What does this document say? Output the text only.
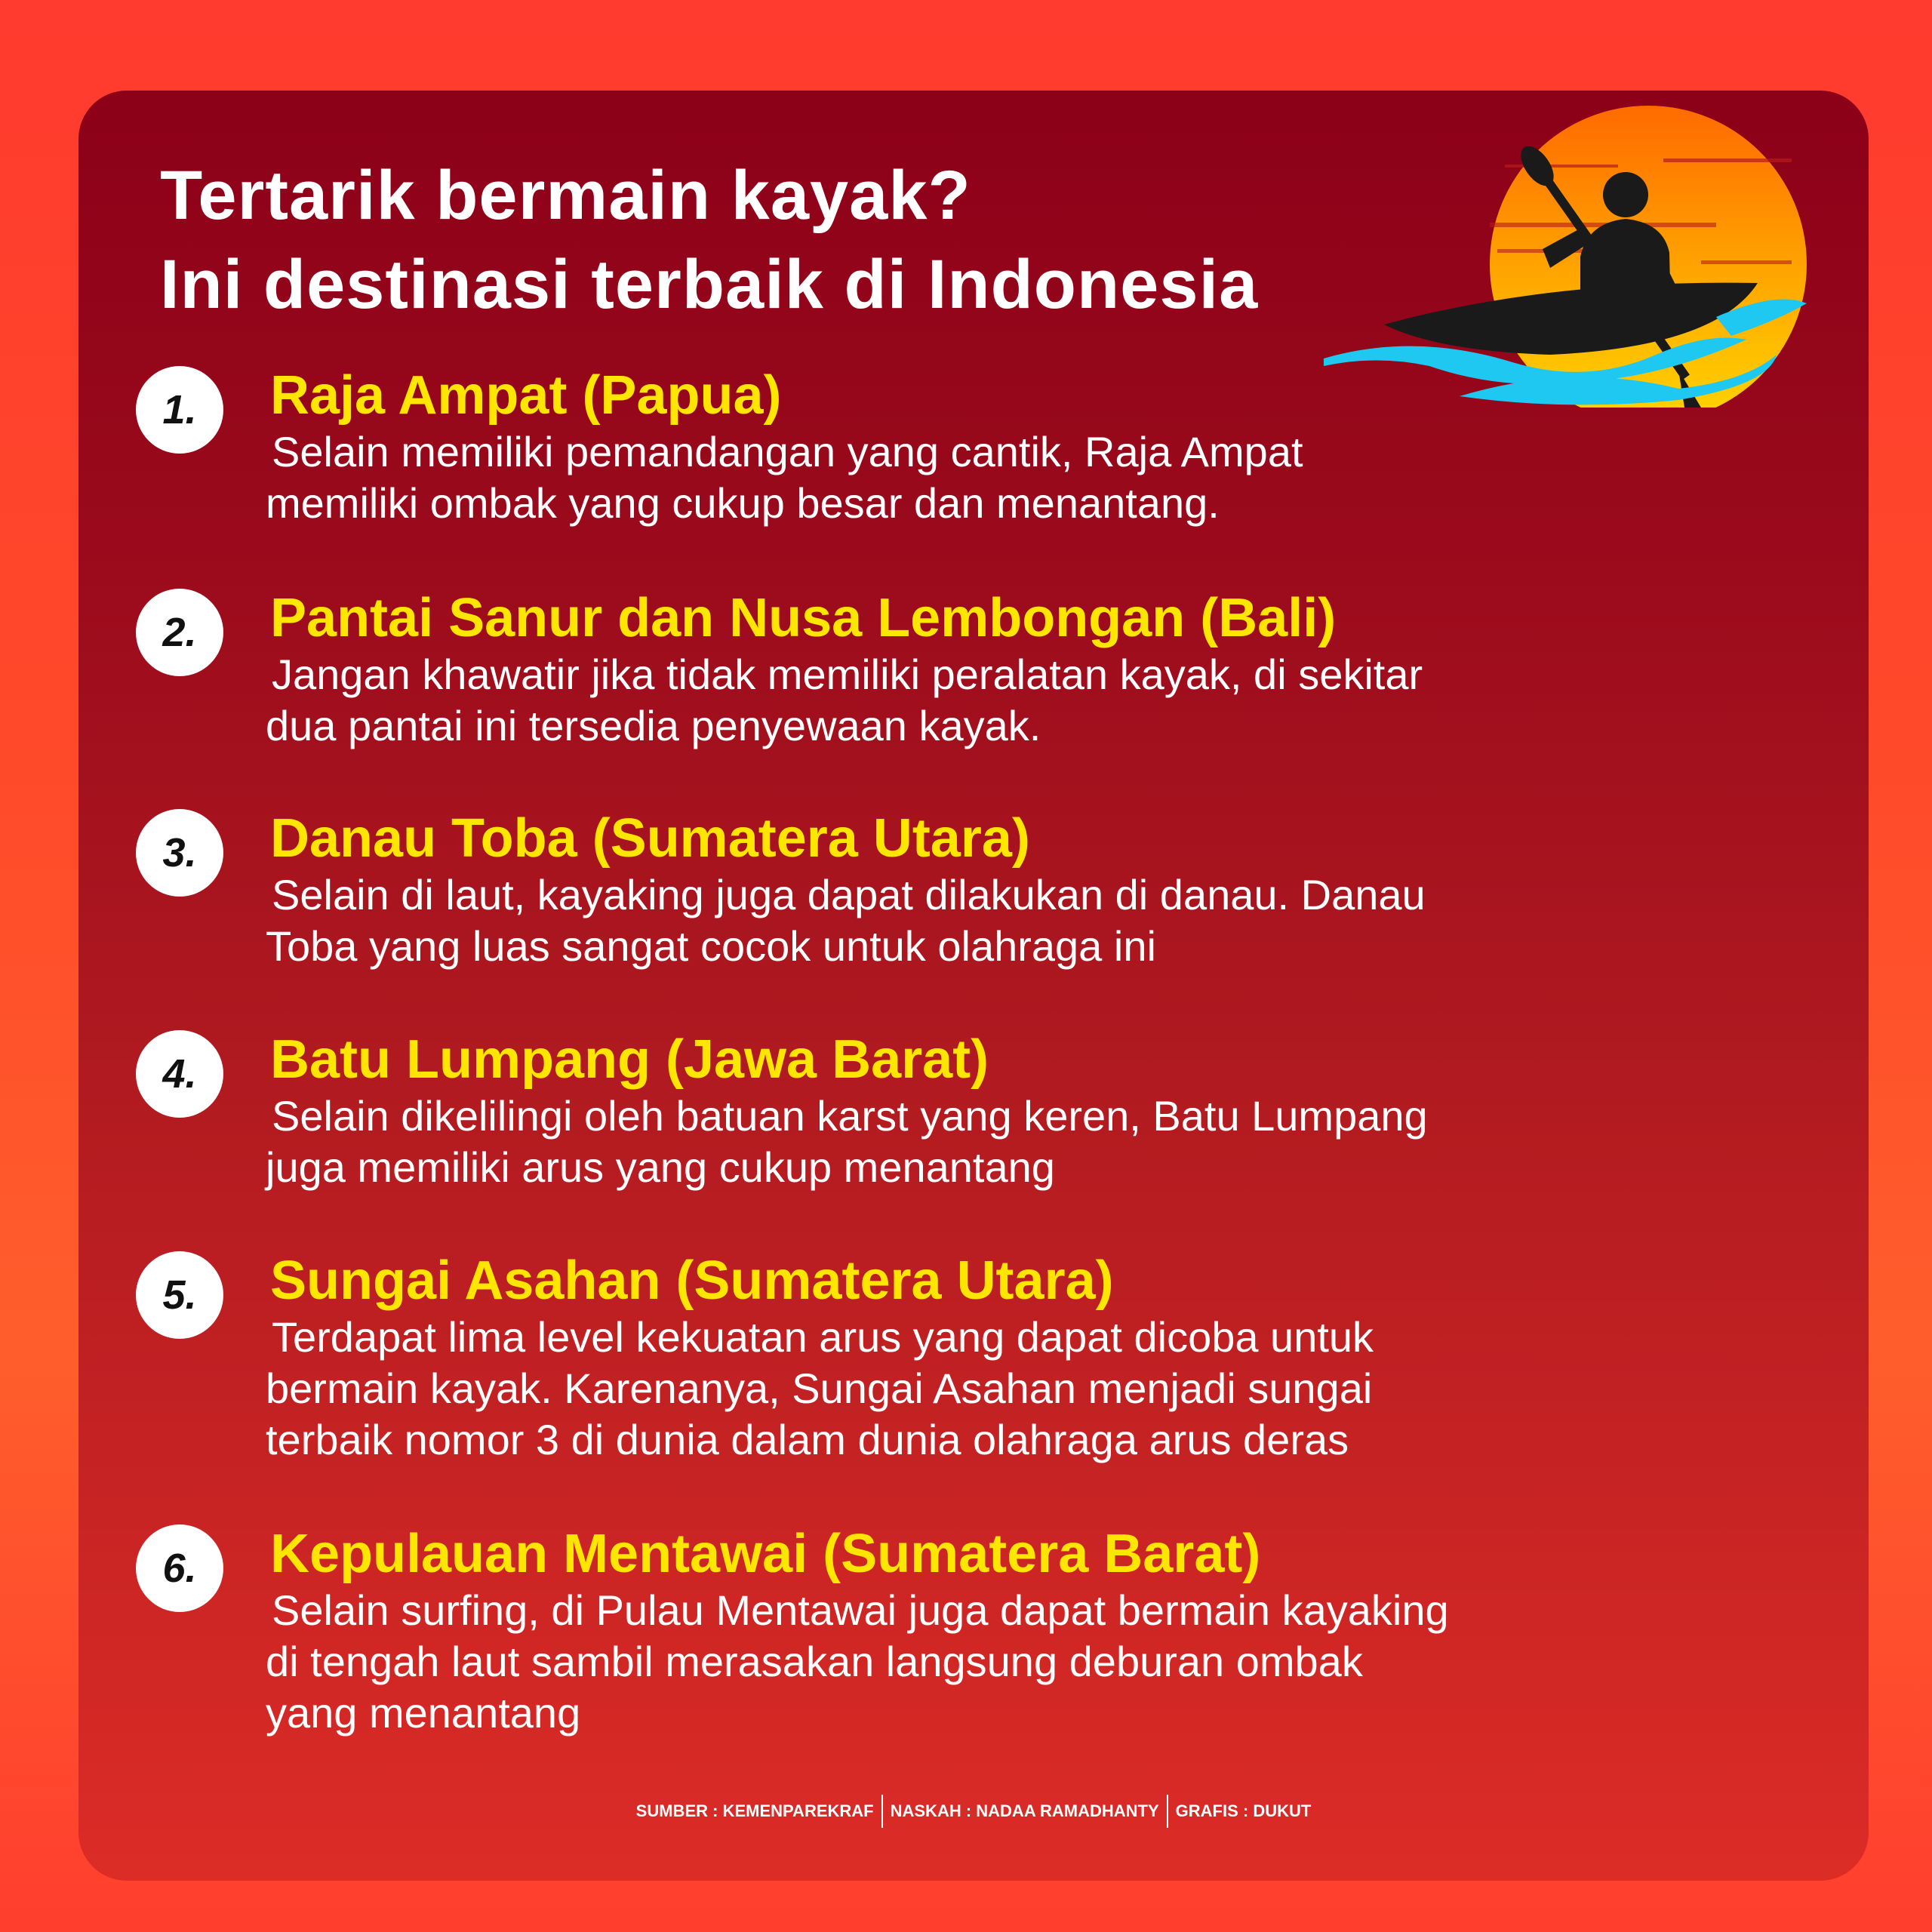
Tertarik bermain kayak?
Ini destinasi terbaik di Indonesia
1.	Raja Ampat (Papua)
Selain memiliki pemandangan yang cantik, Raja Ampat
memiliki ombak yang cukup besar dan menantang.
2.	Pantai Sanur dan Nusa Lembongan (Bali)
Jangan khawatir jika tidak memiliki peralatan kayak, di sekitar
dua pantai ini tersedia penyewaan kayak.
3.	Danau Toba (Sumatera Utara)
Selain di laut, kayaking juga dapat dilakukan di danau. Danau
Toba yang luas sangat cocok untuk olahraga ini
4.	Batu Lumpang (Jawa Barat)
Selain dikelilingi oleh batuan karst yang keren, Batu Lumpang
juga memiliki arus yang cukup menantang
5.	Sungai Asahan (Sumatera Utara)
Terdapat lima level kekuatan arus yang dapat dicoba untuk
bermain kayak. Karenanya, Sungai Asahan menjadi sungai
terbaik nomor 3 di dunia dalam dunia olahraga arus deras
6.	Kepulauan Mentawai (Sumatera Barat)
Selain surfing, di Pulau Mentawai juga dapat bermain kayaking
di tengah laut sambil merasakan langsung deburan ombak
yang menantang
SUMBER : KEMENPAREKRAF NASKAH : NADAA RAMADHANTY GRAFIS : DUKUT
